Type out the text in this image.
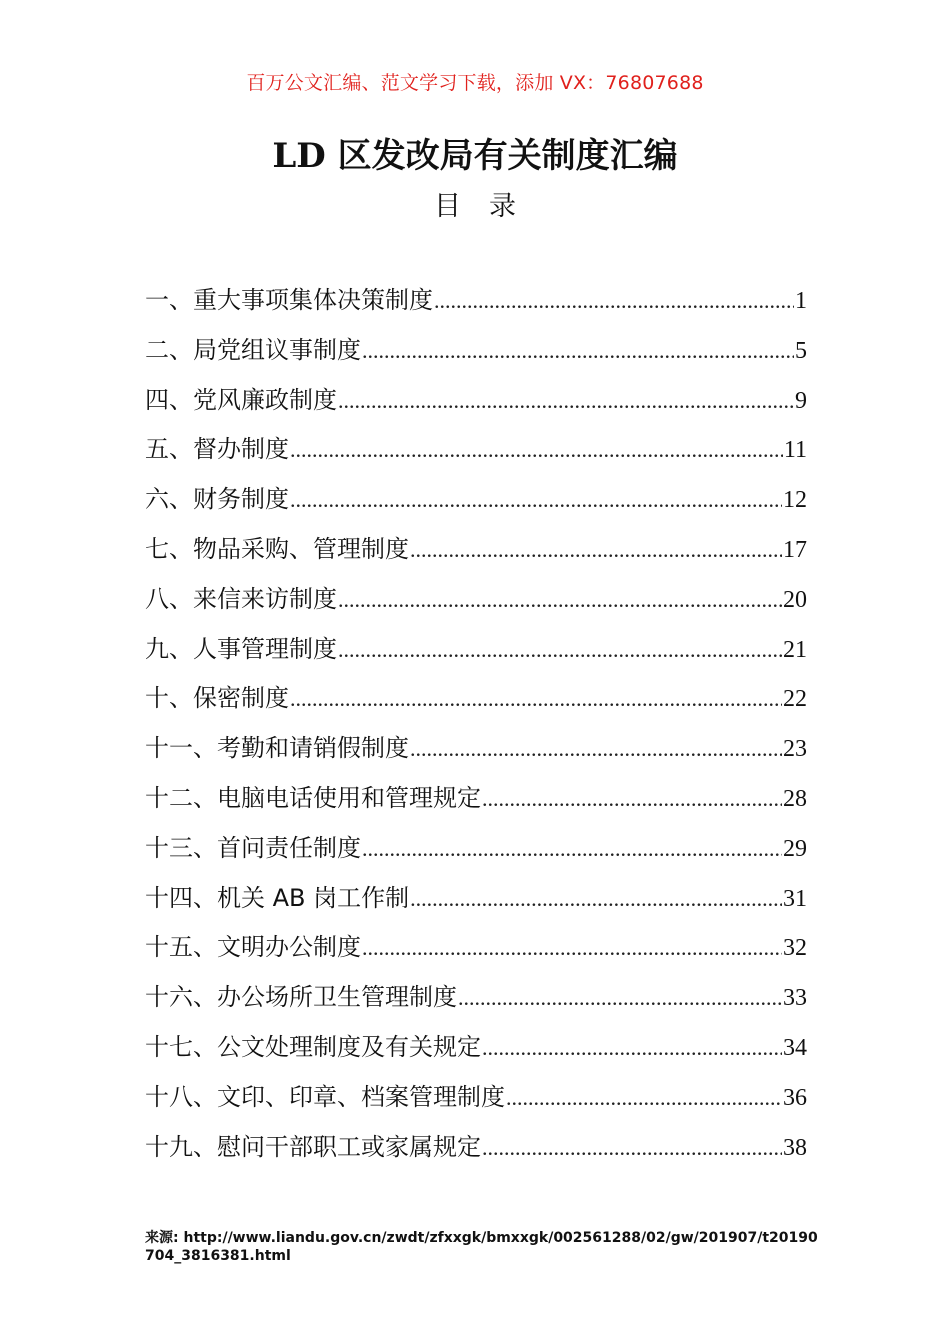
百万公文汇编、范文学习下载，添加 VX：76807688
LD 区发改局有关制度汇编
目录
一、重大事项集体决策制度 .....	1
二、局党组议事制度 .....	5
四、党风廉政制度 .....	9
五、督办制度 .....	11
六、财务制度 .....	12
七、物品采购、管理制度 .....	17
八、来信来访制度 .....	20
九、人事管理制度 .....	21
十、保密制度 .....	22
十一、考勤和请销假制度 .....	23
十二、电脑电话使用和管理规定 .....	28
十三、首问责任制度 .....	29
十四、机关 AB 岗工作制 .....	31
十五、文明办公制度 .....	32
十六、办公场所卫生管理制度 .....	33
十七、公文处理制度及有关规定 .....	34
十八、文印、印章、档案管理制度 .....	36
十九、慰问干部职工或家属规定 .....	38
来源: http://www.liandu.gov.cn/zwdt/zfxxgk/bmxxgk/002561288/02/gw/201907/t20190704_3816381.html
